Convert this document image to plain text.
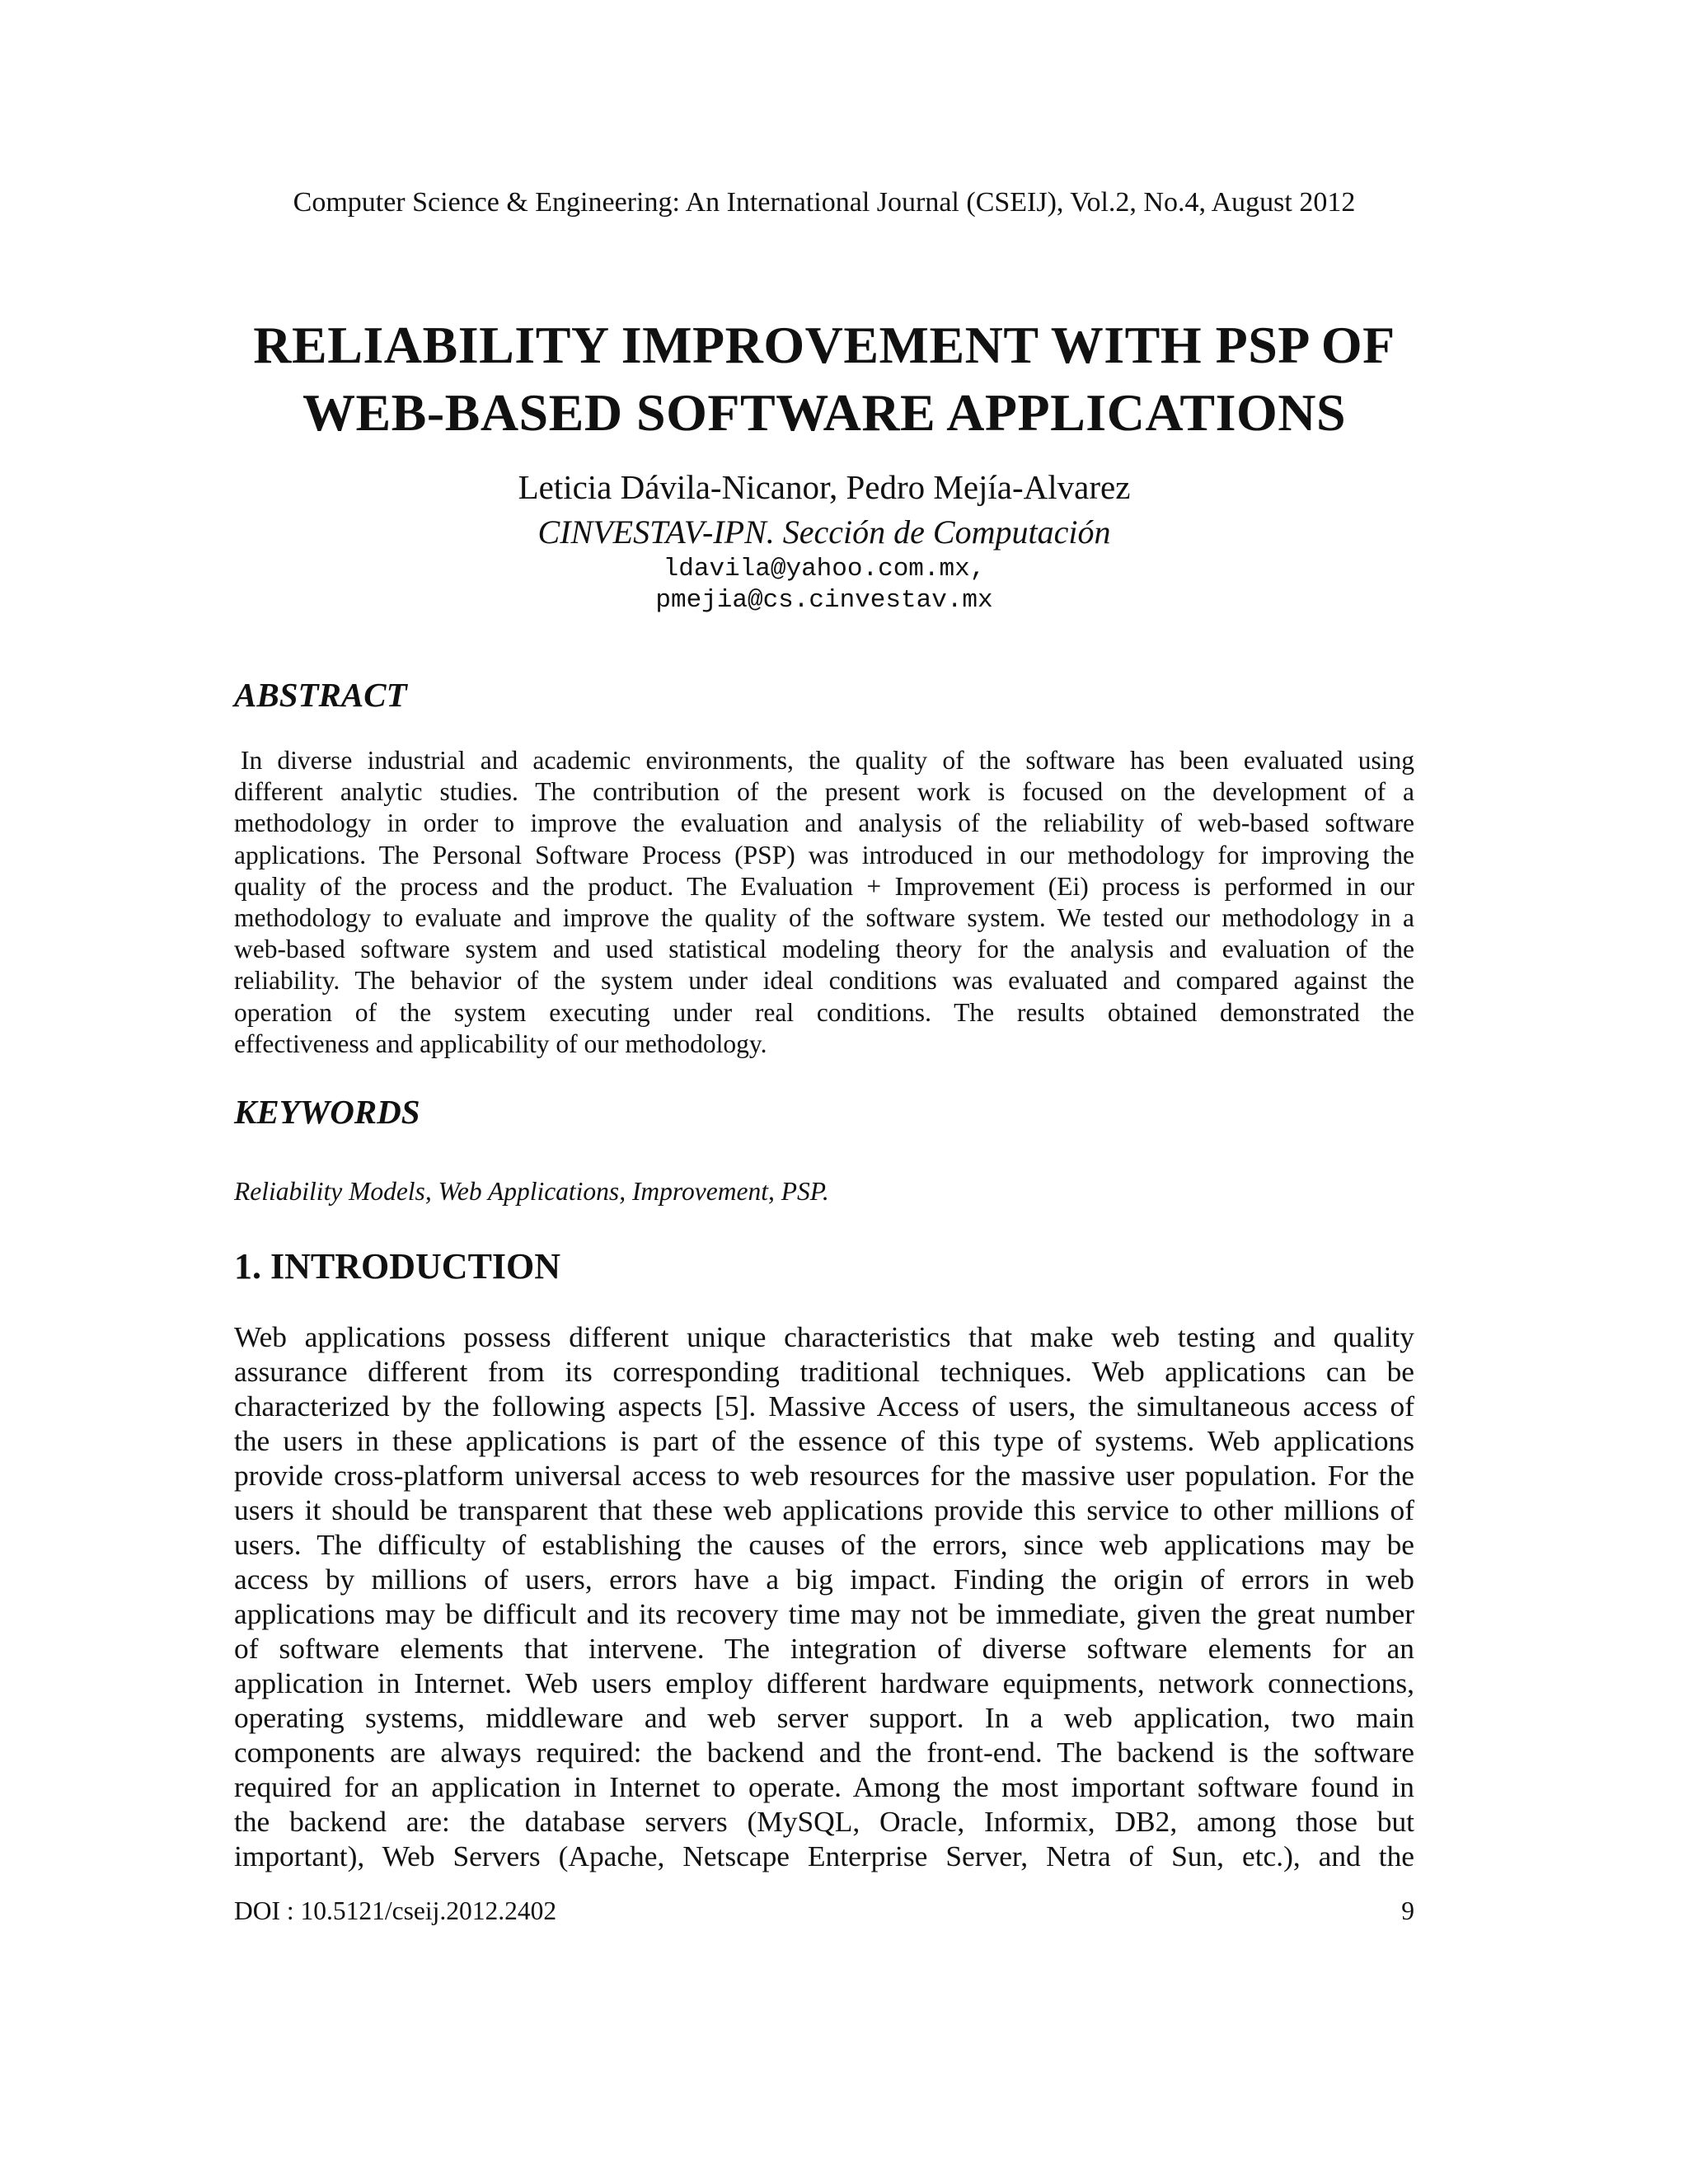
Computer Science & Engineering: An International Journal (CSEIJ), Vol.2, No.4, August 2012
RELIABILITY IMPROVEMENT WITH PSP OF
WEB-BASED SOFTWARE APPLICATIONS
Leticia Dávila-Nicanor, Pedro Mejía-Alvarez
CINVESTAV-IPN. Sección de Computación
ldavila@yahoo.com.mx,
pmejia@cs.cinvestav.mx
ABSTRACT
In diverse industrial and academic environments, the quality of the software has been evaluated using
different analytic studies. The contribution of the present work is focused on the development of a
methodology in order to improve the evaluation and analysis of the reliability of web-based software
applications. The Personal Software Process (PSP) was introduced in our methodology for improving the
quality of the process and the product. The Evaluation + Improvement (Ei) process is performed in our
methodology to evaluate and improve the quality of the software system. We tested our methodology in a
web-based software system and used statistical modeling theory for the analysis and evaluation of the
reliability. The behavior of the system under ideal conditions was evaluated and compared against the
operation of the system executing under real conditions. The results obtained demonstrated the
effectiveness and applicability of our methodology.
KEYWORDS
Reliability Models, Web Applications, Improvement, PSP.
1. INTRODUCTION
Web applications possess different unique characteristics that make web testing and quality
assurance different from its corresponding traditional techniques. Web applications can be
characterized by the following aspects [5]. Massive Access of users, the simultaneous access of
the users in these applications is part of the essence of this type of systems. Web applications
provide cross-platform universal access to web resources for the massive user population. For the
users it should be transparent that these web applications provide this service to other millions of
users. The difficulty of establishing the causes of the errors, since web applications may be
access by millions of users, errors have a big impact. Finding the origin of errors in web
applications may be difficult and its recovery time may not be immediate, given the great number
of software elements that intervene. The integration of diverse software elements for an
application in Internet. Web users employ different hardware equipments, network connections,
operating systems, middleware and web server support. In a web application, two main
components are always required: the backend and the front-end. The backend is the software
required for an application in Internet to operate. Among the most important software found in
the backend are: the database servers (MySQL, Oracle, Informix, DB2, among those but
important), Web Servers (Apache, Netscape Enterprise Server, Netra of Sun, etc.), and the
DOI : 10.5121/cseij.2012.2402	9
